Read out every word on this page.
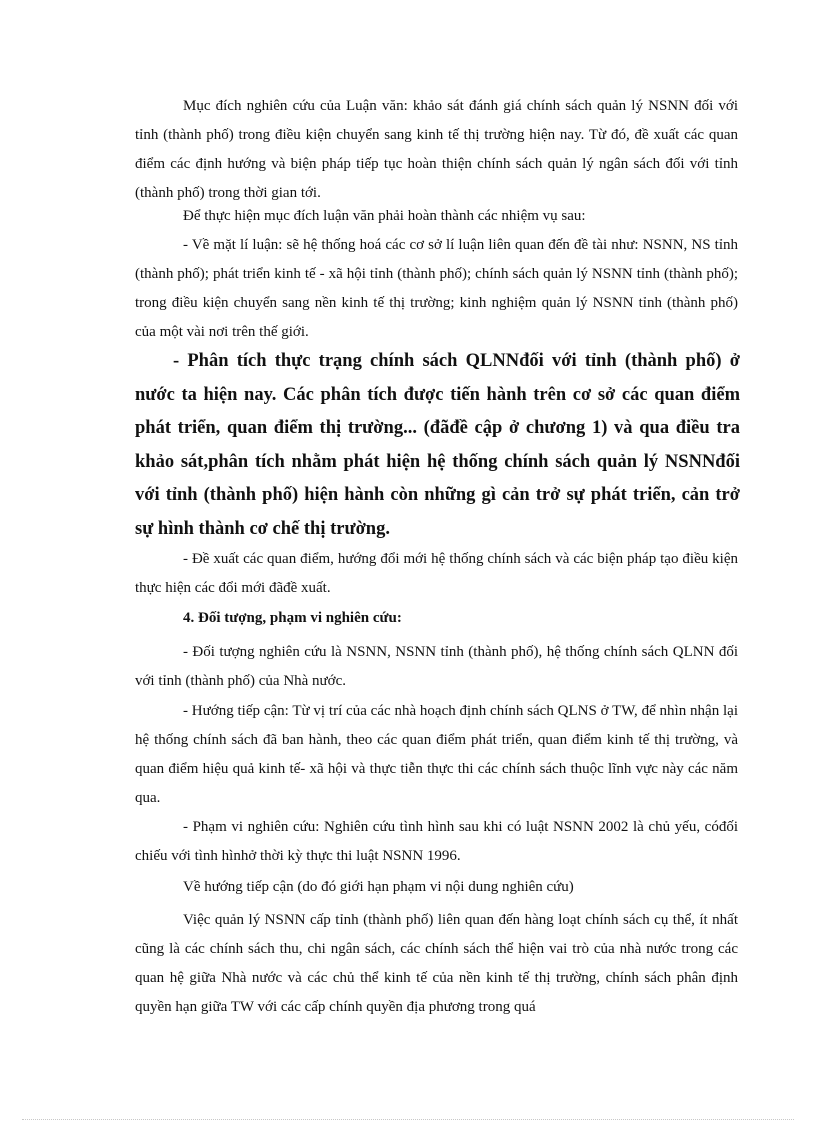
Mục đích nghiên cứu của Luận văn: khảo sát đánh giá chính sách quản lý NSNN đối với tỉnh (thành phố) trong điều kiện chuyển sang kinh tế thị trường hiện nay. Từ đó, đề xuất các quan điểm các định hướng và biện pháp tiếp tục hoàn thiện chính sách quản lý ngân sách đối với tỉnh (thành phố) trong thời gian tới.

Để thực hiện mục đích luận văn phải hoàn thành các nhiệm vụ sau:

- Về mặt lí luận: sẽ hệ thống hoá các cơ sở lí luận liên quan đến đề tài như: NSNN, NS tỉnh (thành phố); phát triển kinh tế - xã hội tỉnh (thành phố); chính sách quản lý NSNN tỉnh (thành phố); trong điều kiện chuyển sang nền kinh tế thị trường; kinh nghiệm quản lý NSNN tỉnh (thành phố) của một vài nơi trên thế giới.

- Phân tích thực trạng chính sách QLNNđối với tỉnh (thành phố) ở nước ta hiện nay. Các phân tích được tiến hành trên cơ sở các quan điểm phát triển, quan điểm thị trường... (đãđề cập ở chương 1) và qua điều tra khảo sát,phân tích nhằm phát hiện hệ thống chính sách quản lý NSNNđối với tỉnh (thành phố) hiện hành còn những gì cản trở sự phát triển, cản trở sự hình thành cơ chế thị trường.

- Đề xuất các quan điểm, hướng đổi mới hệ thống chính sách và các biện pháp tạo điều kiện thực hiện các đổi mới đãđề xuất.

4. Đối tượng, phạm vi nghiên cứu:

- Đối tượng nghiên cứu là NSNN, NSNN tỉnh (thành phố), hệ thống chính sách QLNN đối với tỉnh (thành phố) của Nhà nước.

- Hướng tiếp cận: Từ vị trí của các nhà hoạch định chính sách QLNS ở TW, để nhìn nhận lại hệ thống chính sách đã ban hành, theo các quan điểm phát triển, quan điểm kinh tế thị trường, và quan điểm hiệu quả kinh tế- xã hội và thực tiễn thực thi các chính sách thuộc lĩnh vực này các năm qua.

- Phạm vi nghiên cứu: Nghiên cứu tình hình sau khi có luật NSNN 2002 là chủ yếu, cóđối chiếu với tình hìnhở thời kỳ thực thi luật NSNN 1996.

Về hướng tiếp cận (do đó giới hạn phạm vi nội dung nghiên cứu)

Việc quản lý NSNN cấp tỉnh (thành phố) liên quan đến hàng loạt chính sách cụ thể, ít nhất cũng là các chính sách thu, chi ngân sách, các chính sách thể hiện vai trò của nhà nước trong các quan hệ giữa Nhà nước và các chủ thể kinh tế của nền kinh tế thị trường, chính sách phân định quyền hạn giữa TW với các cấp chính quyền địa phương trong quá
